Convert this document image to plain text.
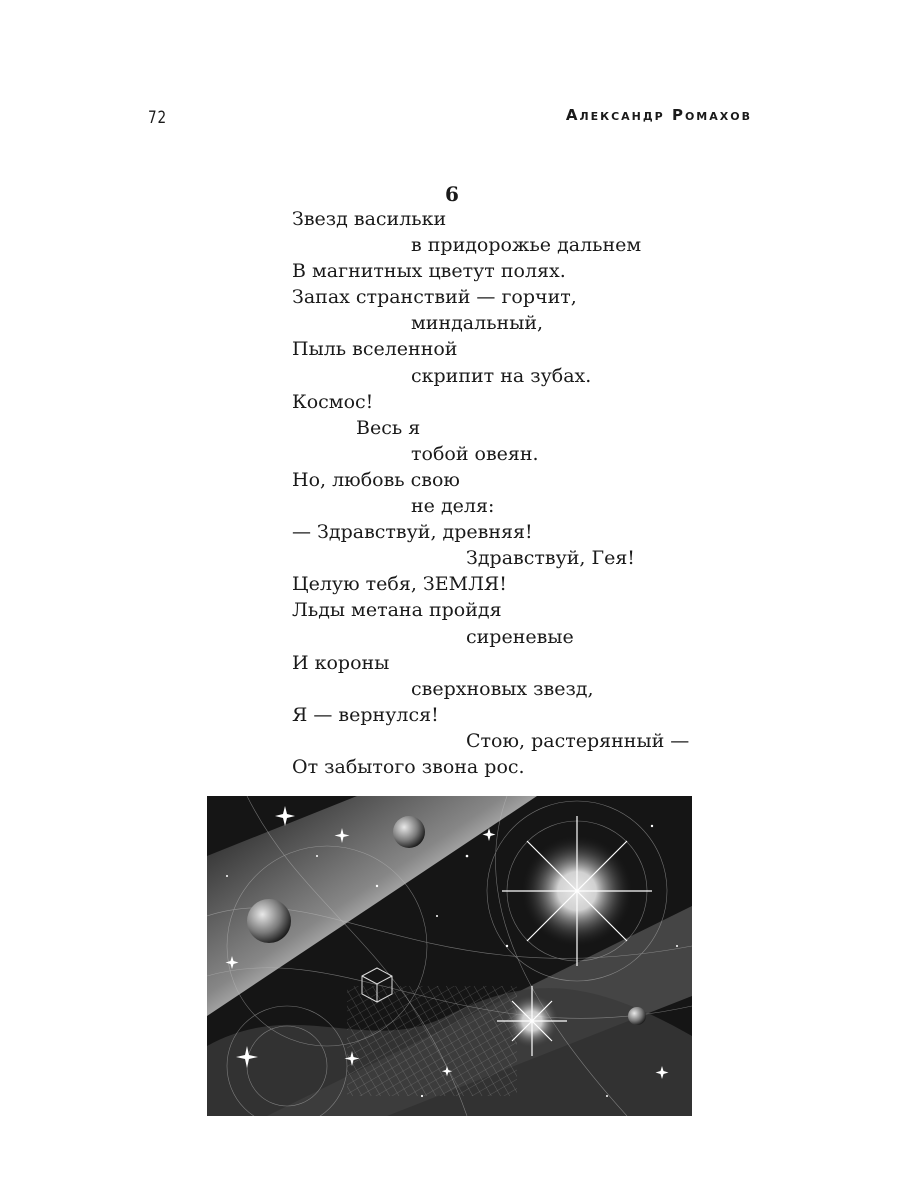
72	Александр Ромахов
6
Звезд васильки
в придорожье дальнем
В магнитных цветут полях.
Запах странствий — горчит,
миндальный,
Пыль вселенной
скрипит на зубах.
Космос!
Весь я
тобой овеян.
Но, любовь свою
не деля:
— Здравствуй, древняя!
Здравствуй, Гея!
Целую тебя, ЗЕМЛЯ!
Льды метана пройдя
сиреневые
И короны
сверхновых звезд,
Я — вернулся!
Стою, растерянный —
От забытого звона рос.
